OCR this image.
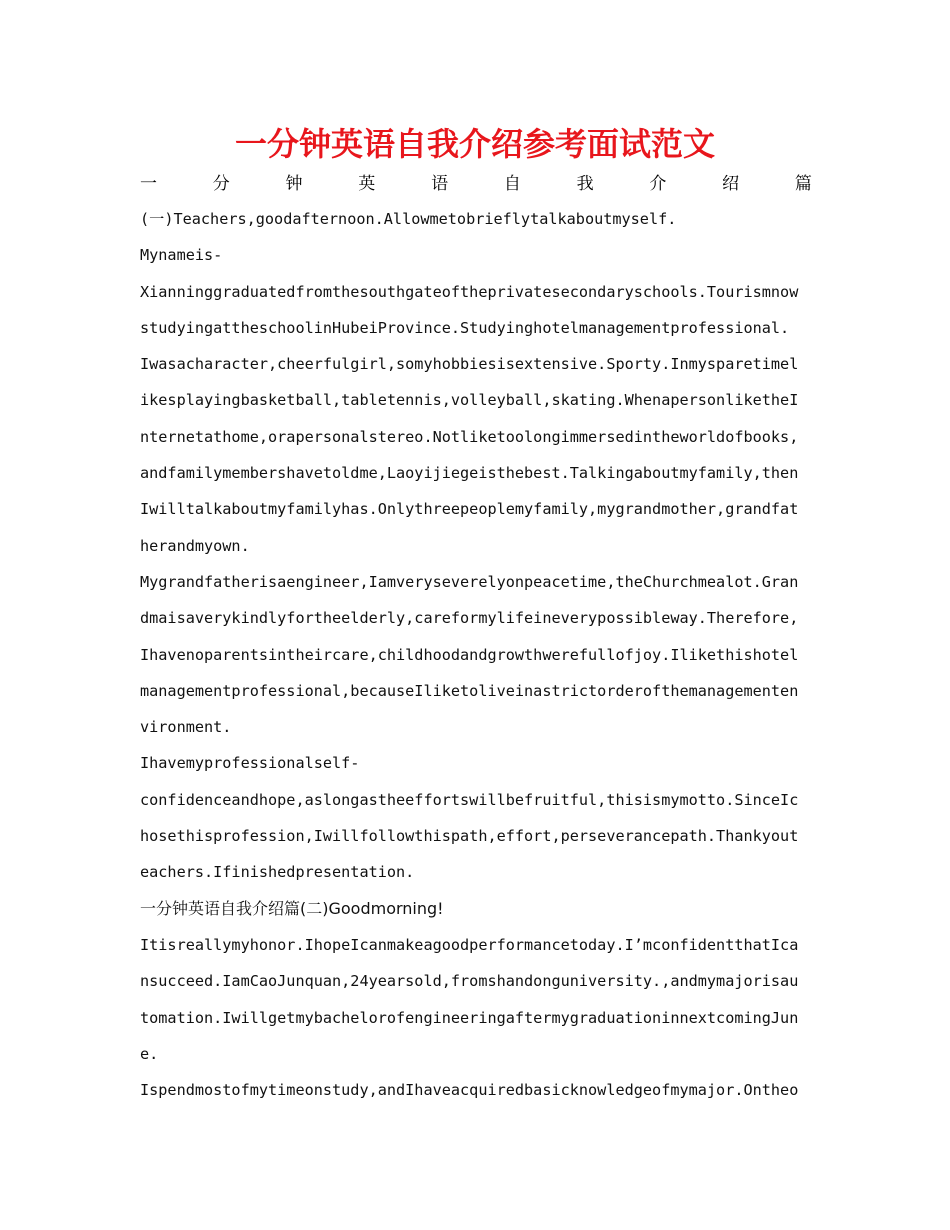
一分钟英语自我介绍参考面试范文
一	分	钟	英	语	自	我	介	绍	篇
(一)Teachers,goodafternoon.Allowmetobrieflytalkaboutmyself.
Mynameis-
Xianninggraduatedfromthesouthgateoftheprivatesecondaryschools.Tourismnow
studyingattheschoolinHubeiProvince.Studyinghotelmanagementprofessional.
Iwasacharacter,cheerfulgirl,somyhobbiesisextensive.Sporty.Inmysparetimel
ikesplayingbasketball,tabletennis,volleyball,skating.WhenapersonliketheI
nternetathome,orapersonalstereo.Notliketoolongimmersedintheworldofbooks,
andfamilymembershavetoldme,Laoyijiegeisthebest.Talkingaboutmyfamily,then
Iwilltalkaboutmyfamilyhas.Onlythreepeoplemyfamily,mygrandmother,grandfat
herandmyown.
Mygrandfatherisaengineer,Iamveryseverelyonpeacetime,theChurchmealot.Gran
dmaisaverykindlyfortheelderly,careformylifeineverypossibleway.Therefore,
Ihavenoparentsintheircare,childhoodandgrowthwerefullofjoy.Ilikethishotel
managementprofessional,becauseIliketoliveinastrictorderofthemanagementen
vironment.
Ihavemyprofessionalself-
confidenceandhope,aslongastheeffortswillbefruitful,thisismymotto.SinceIc
hosethisprofession,Iwillfollowthispath,effort,perseverancepath.Thankyout
eachers.Ifinishedpresentation.
一分钟英语自我介绍篇(二)Goodmorning!
Itisreallymyhonor.IhopeIcanmakeagoodperformancetoday.I’mconfidentthatIca
nsucceed.IamCaoJunquan,24yearsold,fromshandonguniversity.,andmymajorisau
tomation.IwillgetmybachelorofengineeringaftermygraduationinnextcomingJun
e.
Ispendmostofmytimeonstudy,andIhaveacquiredbasicknowledgeofmymajor.Ontheo
